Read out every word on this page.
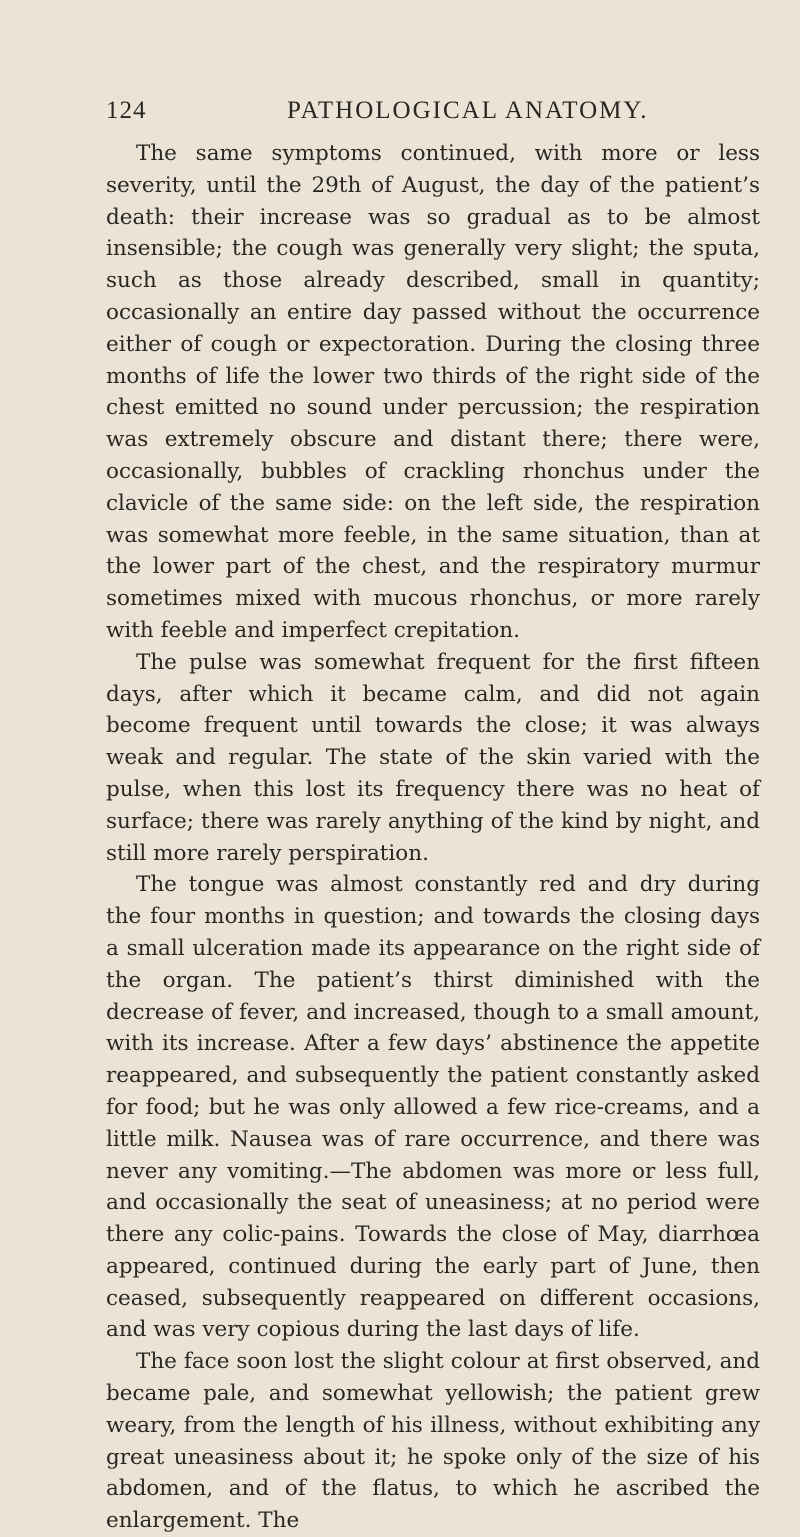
124	PATHOLOGICAL ANATOMY.

The same symptoms continued, with more or less severity, until the 29th of August, the day of the patient’s death: their increase was so gradual as to be almost insensible; the cough was generally very slight; the sputa, such as those already described, small in quantity; occasionally an entire day passed without the occurrence either of cough or expectoration. During the closing three months of life the lower two thirds of the right side of the chest emitted no sound under percussion; the respiration was extremely obscure and distant there; there were, occasionally, bubbles of crackling rhonchus under the clavicle of the same side: on the left side, the respiration was somewhat more feeble, in the same situation, than at the lower part of the chest, and the respiratory murmur sometimes mixed with mucous rhonchus, or more rarely with feeble and imperfect crepitation.

The pulse was somewhat frequent for the first fifteen days, after which it became calm, and did not again become frequent until towards the close; it was always weak and regular. The state of the skin varied with the pulse, when this lost its frequency there was no heat of surface; there was rarely anything of the kind by night, and still more rarely perspiration.

The tongue was almost constantly red and dry during the four months in question; and towards the closing days a small ulceration made its appearance on the right side of the organ. The patient’s thirst diminished with the decrease of fever, and increased, though to a small amount, with its increase. After a few days’ abstinence the appetite reappeared, and subsequently the patient constantly asked for food; but he was only allowed a few rice-creams, and a little milk. Nausea was of rare occurrence, and there was never any vomiting.—The abdomen was more or less full, and occasionally the seat of uneasiness; at no period were there any colic-pains. Towards the close of May, diarrhœa appeared, continued during the early part of June, then ceased, subsequently reappeared on different occasions, and was very copious during the last days of life.

The face soon lost the slight colour at first observed, and became pale, and somewhat yellowish; the patient grew weary, from the length of his illness, without exhibiting any great uneasiness about it; he spoke only of the size of his abdomen, and of the flatus, to which he ascribed the enlargement. The
